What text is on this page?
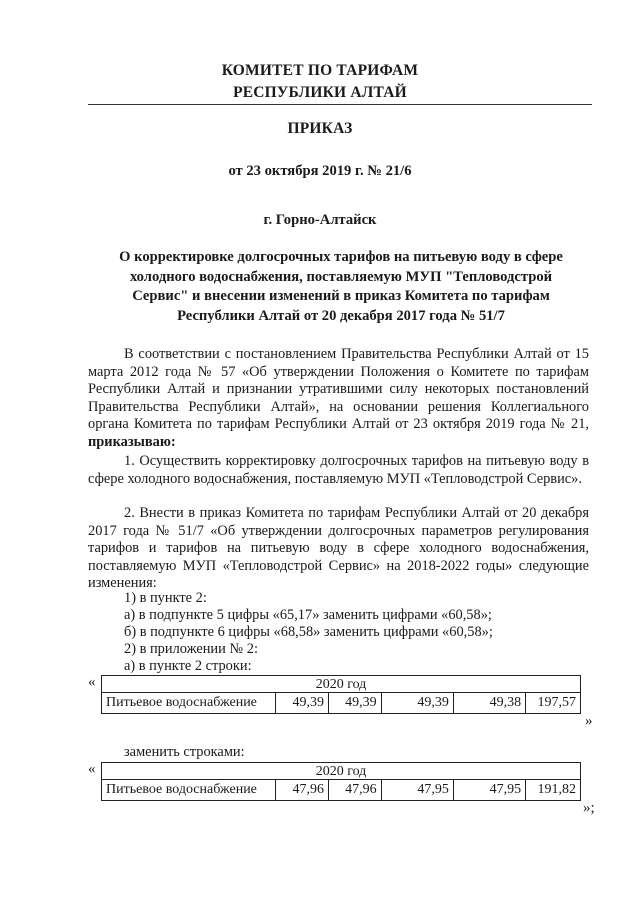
КОМИТЕТ ПО ТАРИФАМ
РЕСПУБЛИКИ АЛТАЙ
ПРИКАЗ
от 23 октября 2019 г. № 21/6
г. Горно-Алтайск
О корректировке долгосрочных тарифов на питьевую воду в сфере
холодного водоснабжения, поставляемую МУП "Тепловодстрой
Сервис" и внесении изменений в приказ Комитета по тарифам
Республики Алтай от 20 декабря 2017 года № 51/7
В соответствии с постановлением Правительства Республики Алтай от 15 марта 2012 года № 57 «Об утверждении Положения о Комитете по тарифам Республики Алтай и признании утратившими силу некоторых постановлений Правительства Республики Алтай», на основании решения Коллегиального органа Комитета по тарифам Республики Алтай от 23 октября 2019 года № 21, приказываю:
1. Осуществить корректировку долгосрочных тарифов на питьевую воду в сфере холодного водоснабжения, поставляемую МУП «Тепловодстрой Сервис».
2. Внести в приказ Комитета по тарифам Республики Алтай от 20 декабря 2017 года № 51/7 «Об утверждении долгосрочных параметров регулирования тарифов и тарифов на питьевую воду в сфере холодного водоснабжения, поставляемую МУП «Тепловодстрой Сервис» на 2018-2022 годы» следующие изменения:
1) в пункте 2:
а) в подпункте 5 цифры «65,17» заменить цифрами «60,58»;
б) в подпункте 6 цифры «68,58» заменить цифрами «60,58»;
2) в приложении № 2:
а) в пункте 2 строки:
«	2020 год
Питьевое водоснабжение	49,39	49,39	49,39	49,38	197,57
»
заменить строками:
«	2020 год
Питьевое водоснабжение	47,96	47,96	47,95	47,95	191,82
»;
